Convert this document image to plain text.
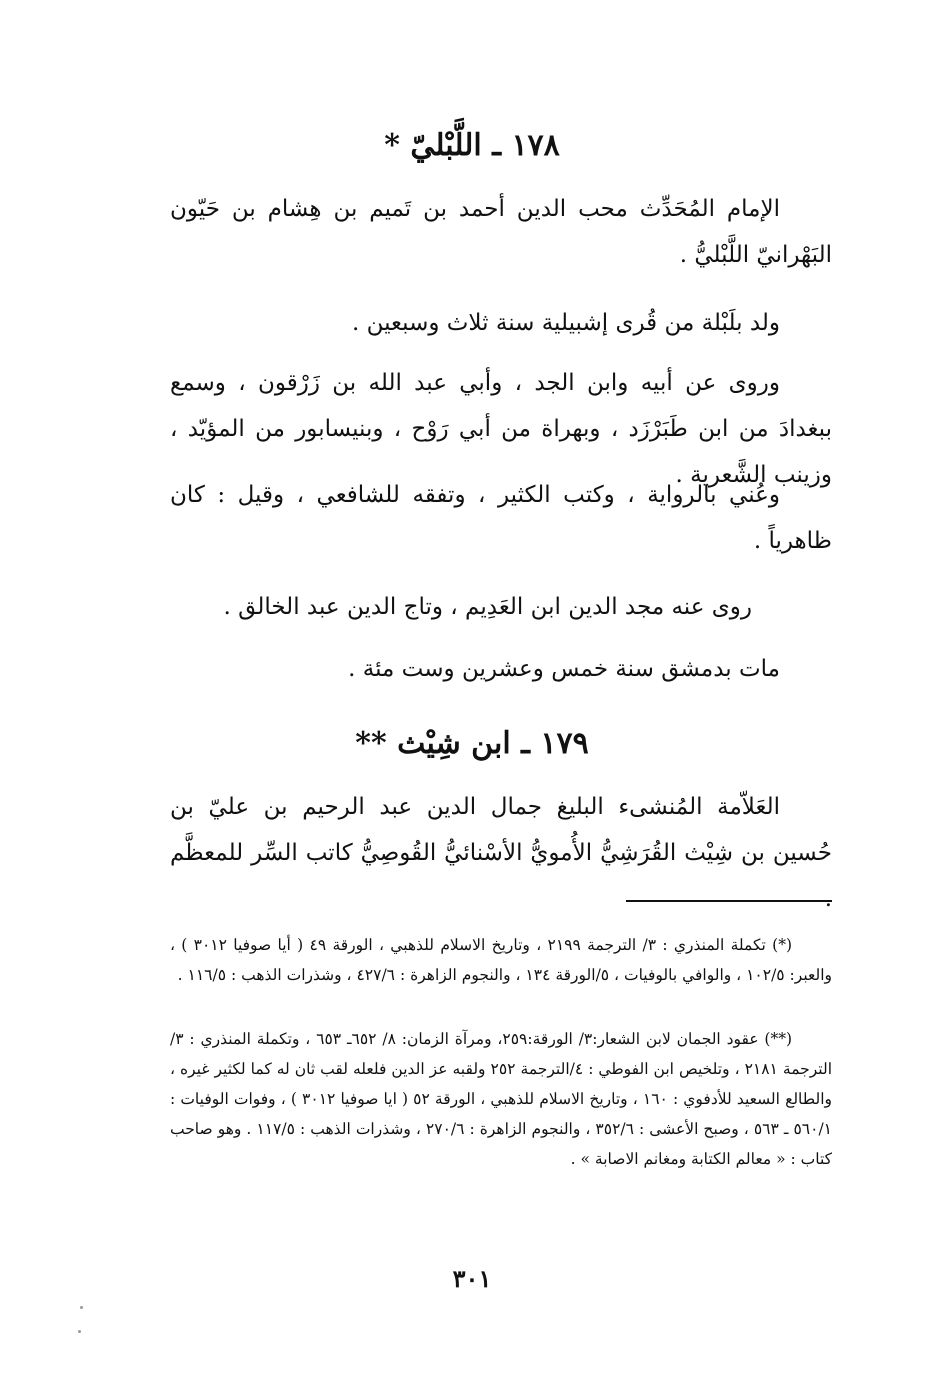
١٧٨ ـ اللَّبْليّ *
الإمام المُحَدِّث محب الدين أحمد بن تَميم بن هِشام بن حَيّون البَهْرانيّ اللَّبْليُّ .
ولد بلَبْلة من قُرى إشبيلية سنة ثلاث وسبعين .
وروى عن أبيه وابن الجد ، وأبي عبد الله بن زَرْقون ، وسمع ببغدادَ من ابن طَبَرْزَد ، وبهراة من أبي رَوْح ، وبنيسابور من المؤيّد ، وزينب الشَّعرية .
وعُني بالرواية ، وكتب الكثير ، وتفقه للشافعي ، وقيل : كان ظاهرياً .
روى عنه مجد الدين ابن العَدِيم ، وتاج الدين عبد الخالق .
مات بدمشق سنة خمس وعشرين وست مئة .
١٧٩ ـ ابن شِيْث **
العَلاّمة المُنشىء البليغ جمال الدين عبد الرحيم بن عليّ بن حُسين بن شِيْث القُرَشِيُّ الأُمويُّ الأسْنائيُّ القُوصِيُّ كاتب السِّر للمعظَّم .
(*) تكملة المنذري : ٣/ الترجمة ٢١٩٩ ، وتاريخ الاسلام للذهبي ، الورقة ٤٩ ( أيا صوفيا ٣٠١٢ ) ، والعبر: ١٠٢/٥ ، والوافي بالوفيات ، ٥/الورقة ١٣٤ ، والنجوم الزاهرة : ٤٢٧/٦ ، وشذرات الذهب : ١١٦/٥ .
(**) عقود الجمان لابن الشعار:٣/ الورقة:٢٥٩، ومرآة الزمان: ٨/ ٦٥٢ـ ٦٥٣ ، وتكملة المنذري : ٣/الترجمة ٢١٨١ ، وتلخيص ابن الفوطي : ٤/الترجمة ٢٥٢ ولقبه عز الدين فلعله لقب ثان له كما لكثير غيره ، والطالع السعيد للأدفوي : ١٦٠ ، وتاريخ الاسلام للذهبي ، الورقة ٥٢ ( ايا صوفيا ٣٠١٢ ) ، وفوات الوفيات : ٥٦٠/١ ـ ٥٦٣ ، وصبح الأعشى : ٣٥٢/٦ ، والنجوم الزاهرة : ٢٧٠/٦ ، وشذرات الذهب : ١١٧/٥ . وهو صاحب كتاب : « معالم الكتابة ومغانم الاصابة » .
٣٠١
